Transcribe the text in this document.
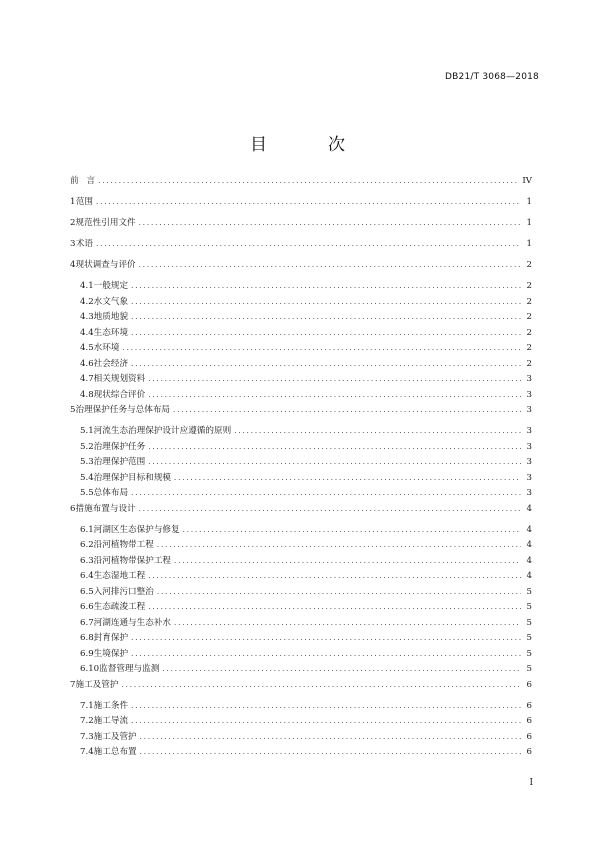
DB21/T 3068—2018
目　次
前 言 .....	IV
1 范围 .....	1
2 规范性引用文件 .....	1
3 术语 .....	1
4 现状调查与评价 .....	2
4.1 一般规定 .....	2
4.2 水文气象 .....	2
4.3 地质地貌 .....	2
4.4 生态环境 .....	2
4.5 水环境 .....	2
4.6 社会经济 .....	2
4.7 相关规划资料 .....	3
4.8 现状综合评价 .....	3
5 治理保护任务与总体布局 .....	3
5.1 河流生态治理保护设计应遵循的原则 .....	3
5.2 治理保护任务 .....	3
5.3 治理保护范围 .....	3
5.4 治理保护目标和规模 .....	3
5.5 总体布局 .....	3
6 措施布置与设计 .....	4
6.1 河湖区生态保护与修复 .....	4
6.2 沿河植物带工程 .....	4
6.3 沿河植物带保护工程 .....	4
6.4 生态湿地工程 .....	4
6.5 入河排污口整治 .....	5
6.6 生态疏浚工程 .....	5
6.7 河湖连通与生态补水 .....	5
6.8 封育保护 .....	5
6.9 生境保护 .....	5
6.10 监督管理与监测 .....	5
7 施工及管护 .....	6
7.1 施工条件 .....	6
7.2 施工导流 .....	6
7.3 施工及管护 .....	6
7.4 施工总布置 .....	6
I
